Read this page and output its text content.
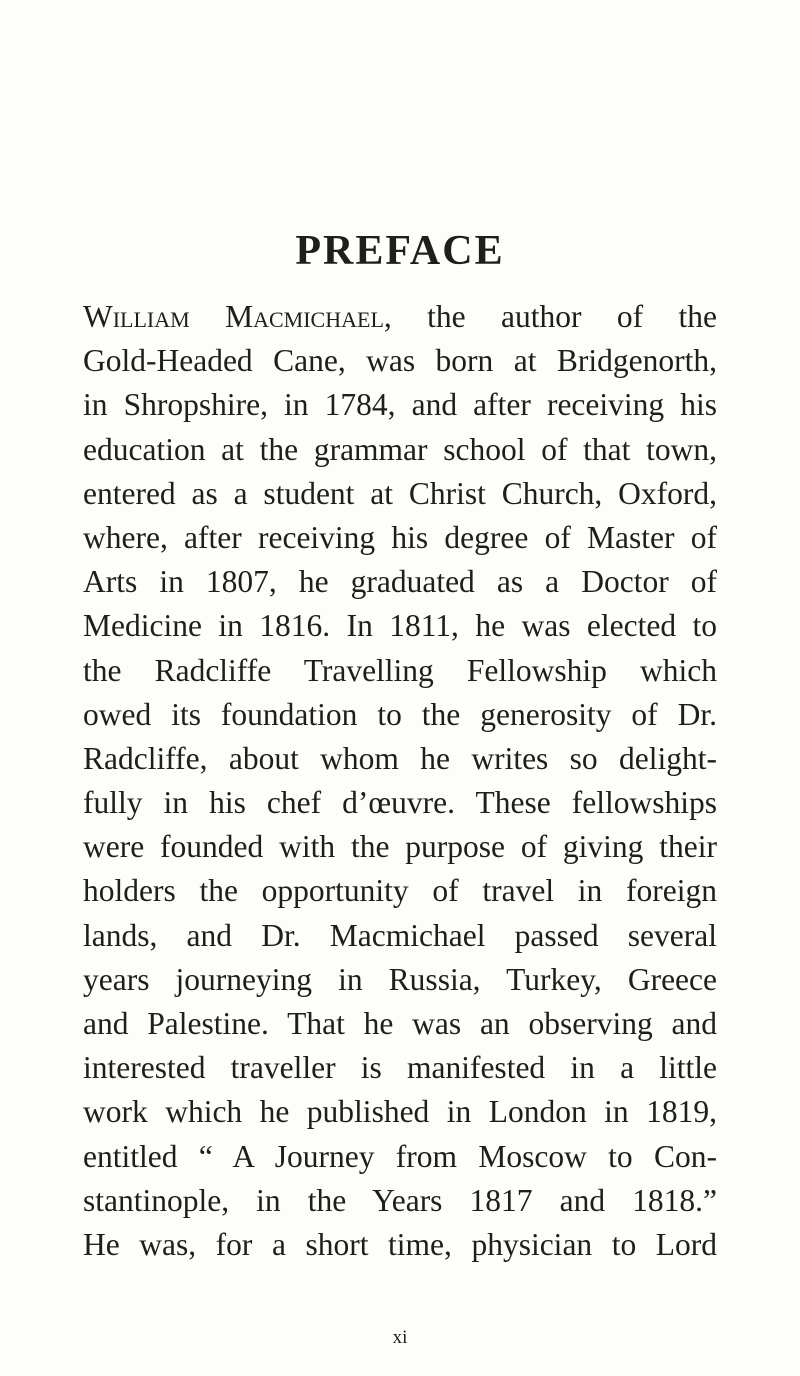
PREFACE
William Macmichael, the author of the
Gold-Headed Cane, was born at Bridgenorth,
in Shropshire, in 1784, and after receiving his
education at the grammar school of that town,
entered as a student at Christ Church, Oxford,
where, after receiving his degree of Master of
Arts in 1807, he graduated as a Doctor of
Medicine in 1816. In 1811, he was elected to
the Radcliffe Travelling Fellowship which
owed its foundation to the generosity of Dr.
Radcliffe, about whom he writes so delight-
fully in his chef d’œuvre. These fellowships
were founded with the purpose of giving their
holders the opportunity of travel in foreign
lands, and Dr. Macmichael passed several
years journeying in Russia, Turkey, Greece
and Palestine. That he was an observing and
interested traveller is manifested in a little
work which he published in London in 1819,
entitled “ A Journey from Moscow to Con-
stantinople, in the Years 1817 and 1818.”
He was, for a short time, physician to Lord
xi
